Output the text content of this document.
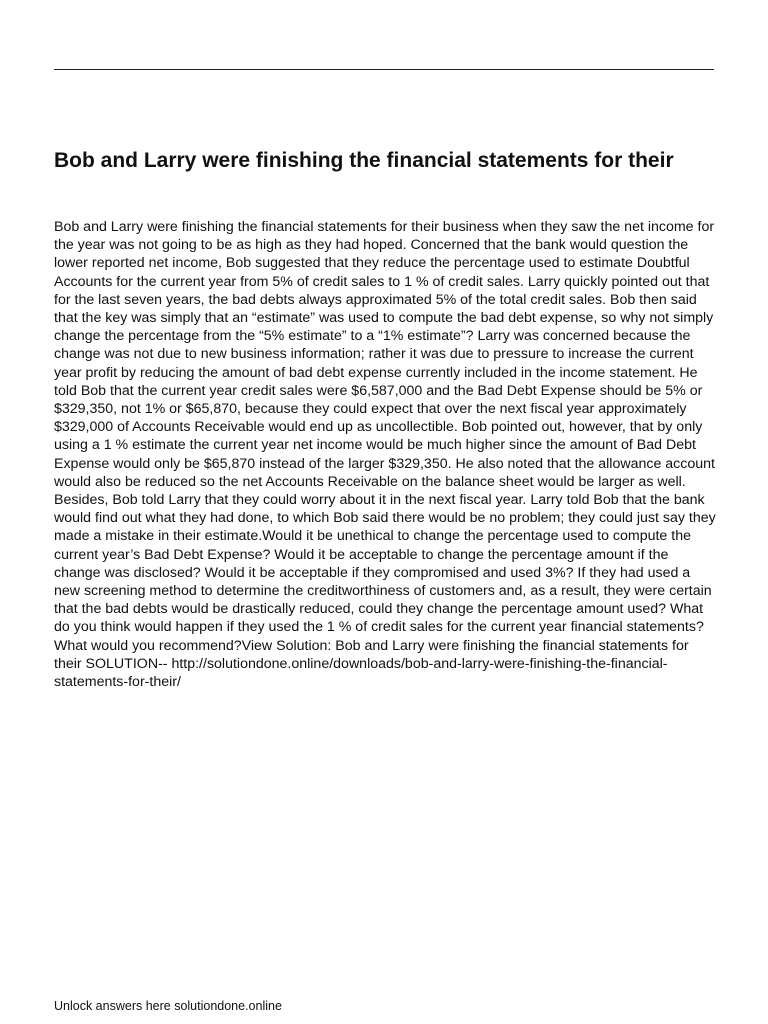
Bob and Larry were finishing the financial statements for their

Bob and Larry were finishing the financial statements for their business when they saw the net income for the year was not going to be as high as they had hoped. Concerned that the bank would question the lower reported net income, Bob suggested that they reduce the percentage used to estimate Doubtful Accounts for the current year from 5% of credit sales to 1 % of credit sales. Larry quickly pointed out that for the last seven years, the bad debts always approximated 5% of the total credit sales. Bob then said that the key was simply that an “estimate” was used to compute the bad debt expense, so why not simply change the percentage from the “5% estimate” to a “1% estimate”? Larry was concerned because the change was not due to new business information; rather it was due to pressure to increase the current year profit by reducing the amount of bad debt expense currently included in the income statement. He told Bob that the current year credit sales were $6,587,000 and the Bad Debt Expense should be 5% or $329,350, not 1% or $65,870, because they could expect that over the next fiscal year approximately $329,000 of Accounts Receivable would end up as uncollectible. Bob pointed out, however, that by only using a 1 % estimate the current year net income would be much higher since the amount of Bad Debt Expense would only be $65,870 instead of the larger $329,350. He also noted that the allowance account would also be reduced so the net Accounts Receivable on the balance sheet would be larger as well. Besides, Bob told Larry that they could worry about it in the next fiscal year. Larry told Bob that the bank would find out what they had done, to which Bob said there would be no problem; they could just say they made a mistake in their estimate.Would it be unethical to change the percentage used to compute the current year’s Bad Debt Expense? Would it be acceptable to change the percentage amount if the change was disclosed? Would it be acceptable if they compromised and used 3%? If they had used a new screening method to determine the creditworthiness of customers and, as a result, they were certain that the bad debts would be drastically reduced, could they change the percentage amount used? What do you think would happen if they used the 1 % of credit sales for the current year financial statements? What would you recommend?View Solution: Bob and Larry were finishing the financial statements for their SOLUTION-- http://solutiondone.online/downloads/bob-and-larry-were-finishing-the-financial-statements-for-their/

Unlock answers here solutiondone.online
